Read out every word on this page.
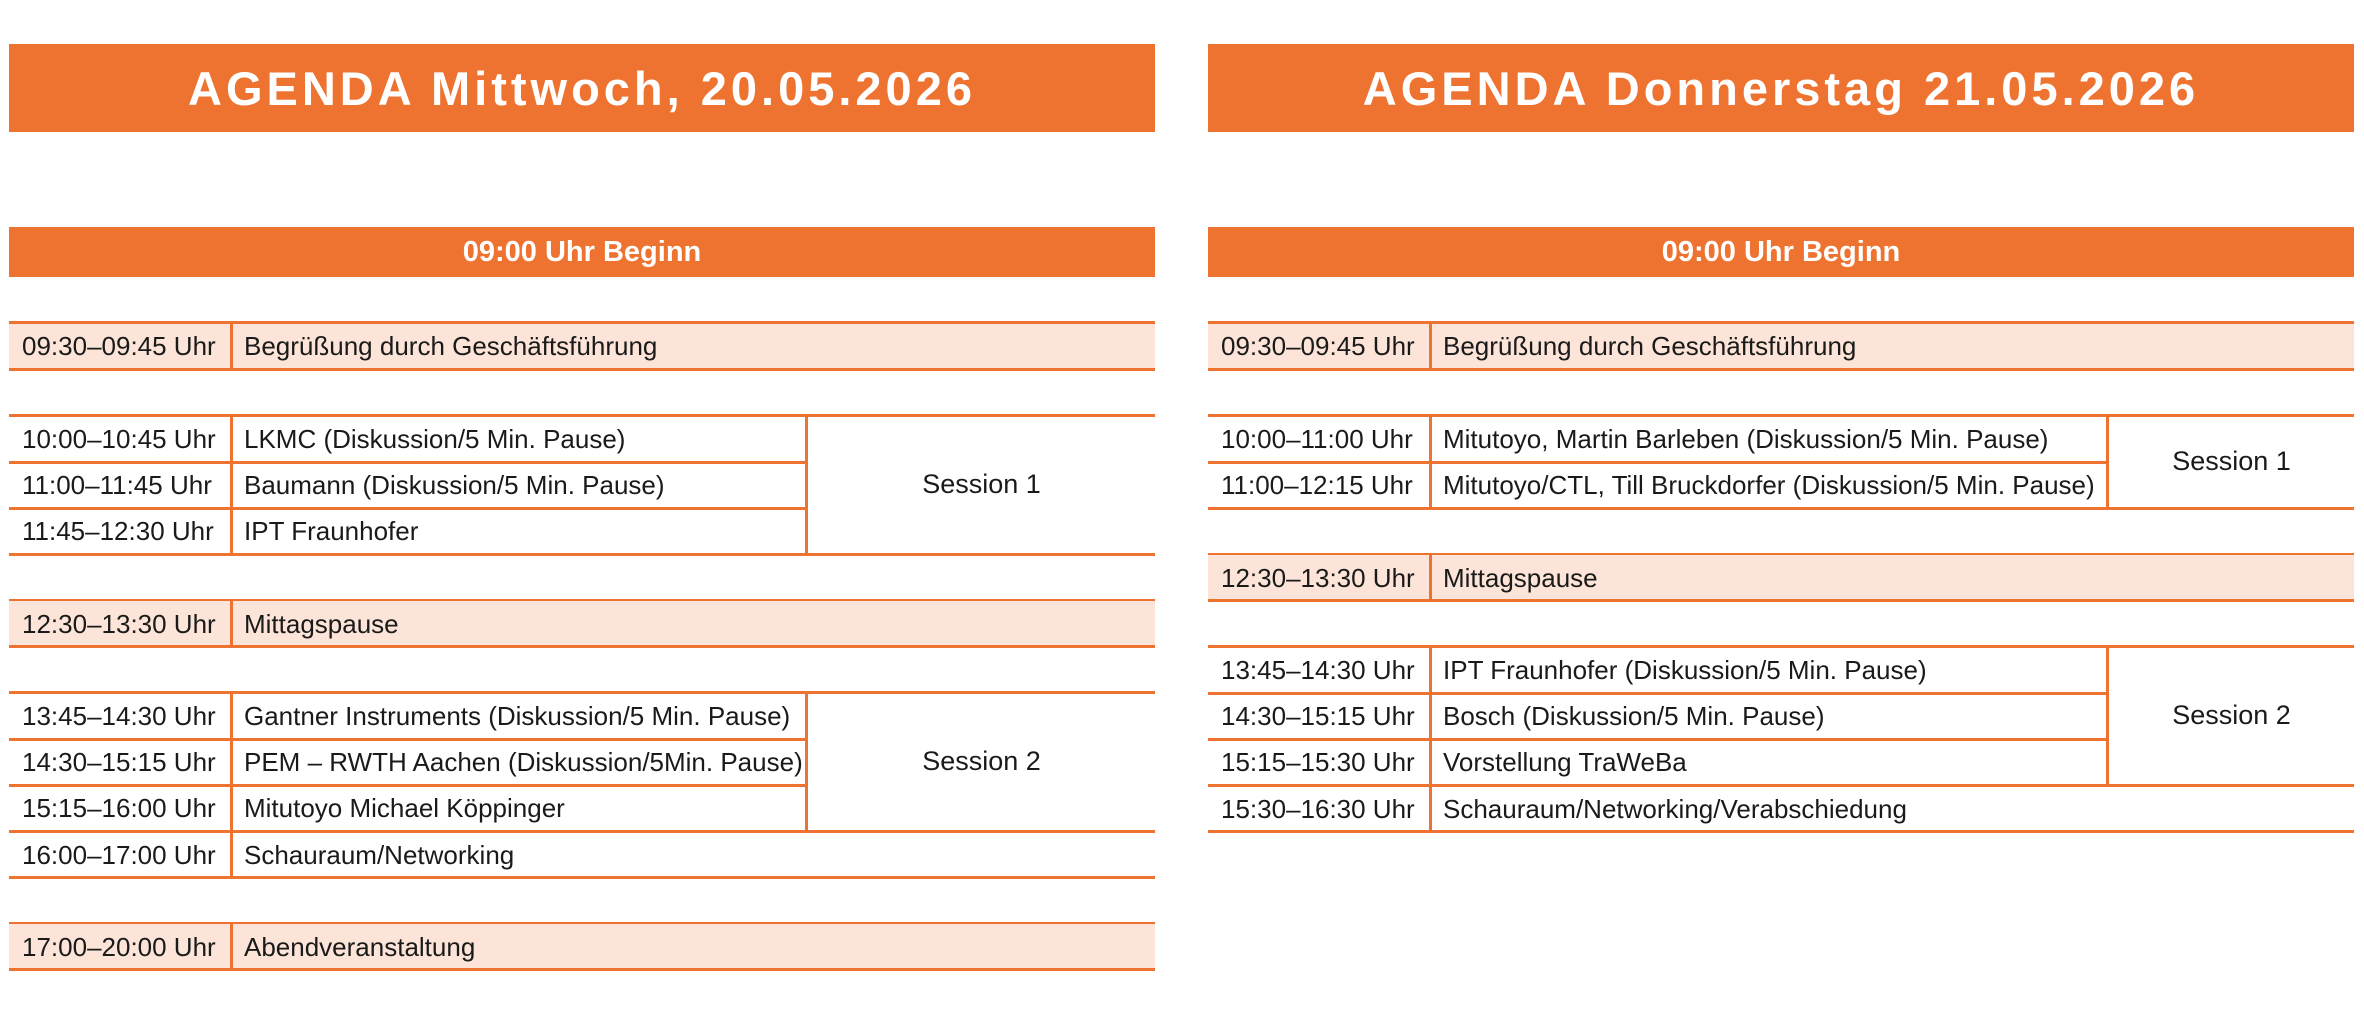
AGENDA Mittwoch, 20.05.2026
09:00 Uhr Beginn
09:30–09:45 Uhr	Begrüßung durch Geschäftsführung
10:00–10:45 Uhr	LKMC (Diskussion/5 Min. Pause)
11:00–11:45 Uhr	Baumann (Diskussion/5 Min. Pause)
11:45–12:30 Uhr	IPT Fraunhofer
Session 1
12:30–13:30 Uhr	Mittagspause
13:45–14:30 Uhr	Gantner Instruments (Diskussion/5 Min. Pause)
14:30–15:15 Uhr	PEM – RWTH Aachen (Diskussion/5Min. Pause)
15:15–16:00 Uhr	Mitutoyo Michael Köppinger
Session 2
16:00–17:00 Uhr	Schauraum/Networking
17:00–20:00 Uhr	Abendveranstaltung
AGENDA Donnerstag 21.05.2026
09:00 Uhr Beginn
09:30–09:45 Uhr	Begrüßung durch Geschäftsführung
10:00–11:00 Uhr	Mitutoyo, Martin Barleben (Diskussion/5 Min. Pause)
11:00–12:15 Uhr	Mitutoyo/CTL, Till Bruckdorfer (Diskussion/5 Min. Pause)
Session 1
12:30–13:30 Uhr	Mittagspause
13:45–14:30 Uhr	IPT Fraunhofer (Diskussion/5 Min. Pause)
14:30–15:15 Uhr	Bosch (Diskussion/5 Min. Pause)
15:15–15:30 Uhr	Vorstellung TraWeBa
Session 2
15:30–16:30 Uhr	Schauraum/Networking/Verabschiedung
